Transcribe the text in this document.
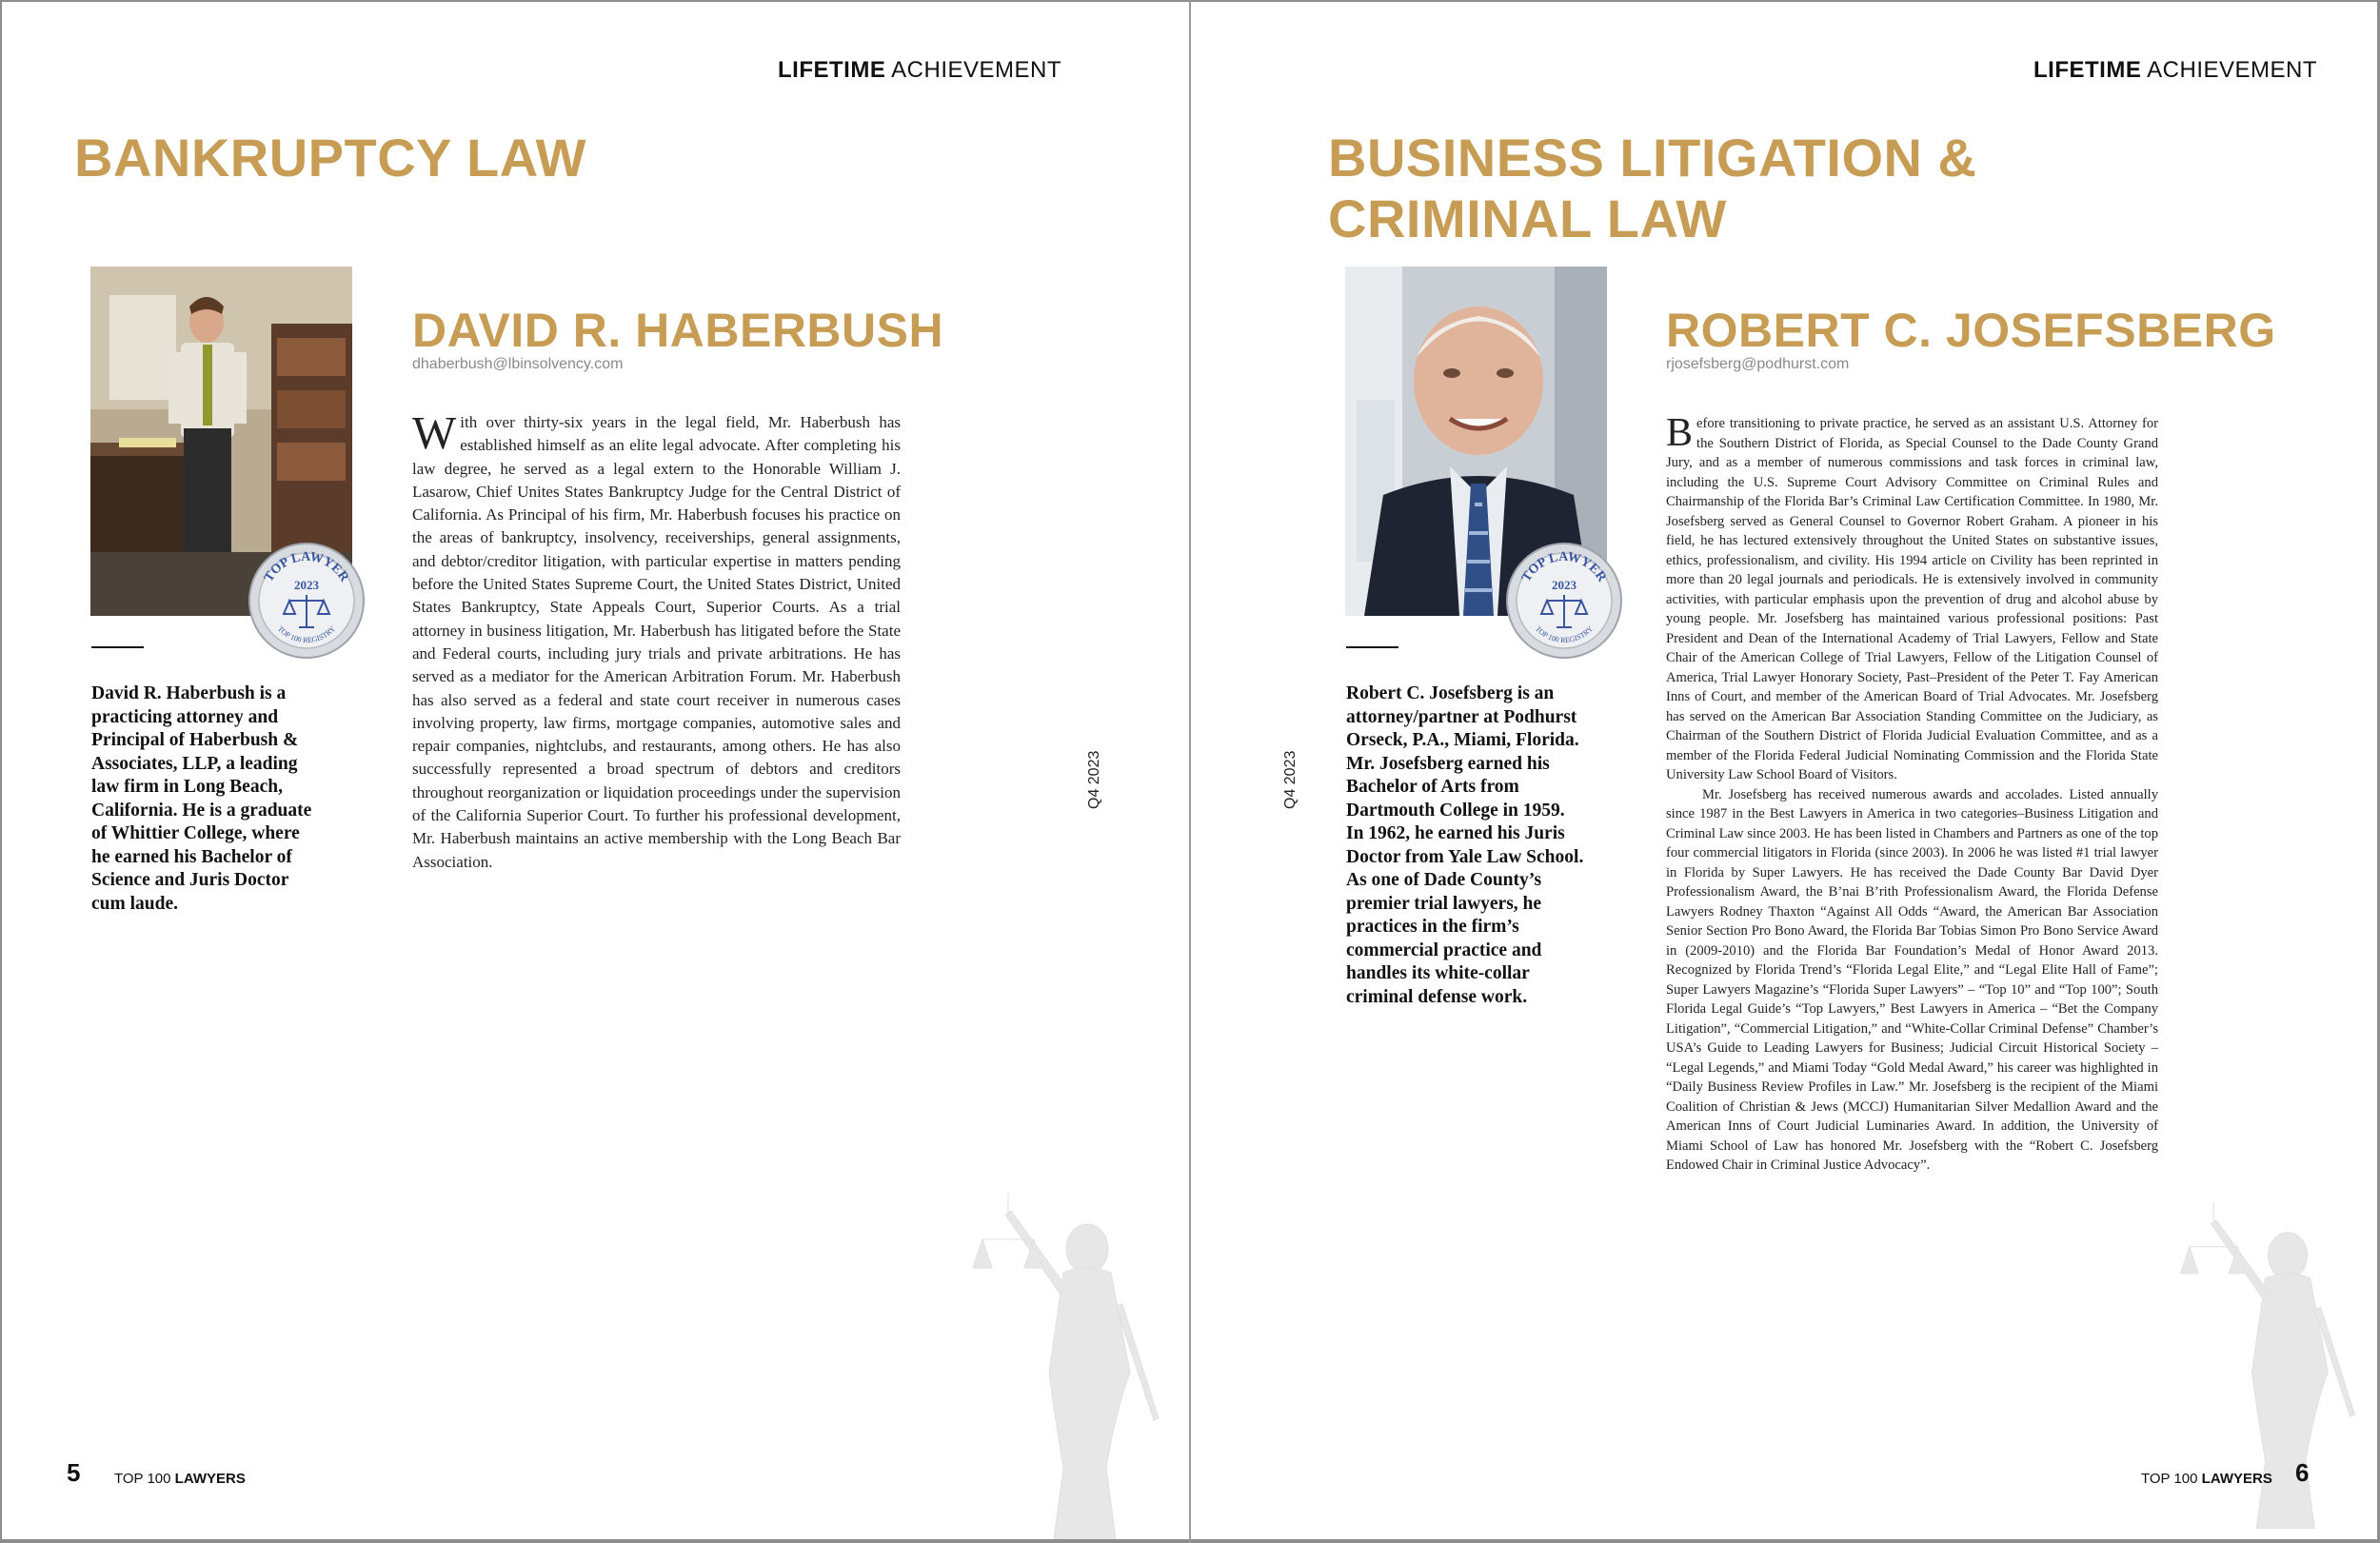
LIFETIME ACHIEVEMENT
BANKRUPTCY LAW
TOP LAWYER
2023
TOP 100 REGISTRY

David R. Haberbush is a practicing attorney and Principal of Haberbush & Associates, LLP, a leading law firm in Long Beach, California. He is a graduate of Whittier College, where he earned his Bachelor of Science and Juris Doctor cum laude.

DAVID R. HABERBUSH
dhaberbush@lbinsolvency.com
With over thirty-six years in the legal field, Mr. Haberbush has established himself as an elite legal advocate. After completing his law degree, he served as a legal extern to the Honorable William J. Lasarow, Chief Unites States Bankruptcy Judge for the Central District of California. As Principal of his firm, Mr. Haberbush focuses his practice on the areas of bankruptcy, insolvency, receiverships, general assignments, and debtor/creditor litigation, with particular expertise in matters pending before the United States Supreme Court, the United States District, United States Bankruptcy, State Appeals Court, Superior Courts. As a trial attorney in business litigation, Mr. Haberbush has litigated before the State and Federal courts, including jury trials and private arbitrations. He has served as a mediator for the American Arbitration Forum. Mr. Haberbush has also served as a federal and state court receiver in numerous cases involving property, law firms, mortgage companies, automotive sales and repair companies, nightclubs, and restaurants, among others. He has also successfully represented a broad spectrum of debtors and creditors throughout reorganization or liquidation proceedings under the supervision of the California Superior Court. To further his professional development, Mr. Haberbush maintains an active membership with the Long Beach Bar Association.
Q4 2023
5 TOP 100 LAWYERS
LIFETIME ACHIEVEMENT
BUSINESS LITIGATION &
CRIMINAL LAW
TOP LAWYER
2023
TOP 100 REGISTRY

Robert C. Josefsberg is an attorney/partner at Podhurst Orseck, P.A., Miami, Florida. Mr. Josefsberg earned his Bachelor of Arts from Dartmouth College in 1959. In 1962, he earned his Juris Doctor from Yale Law School. As one of Dade County’s premier trial lawyers, he practices in the firm’s commercial practice and handles its white-collar criminal defense work.

Q4 2023
ROBERT C. JOSEFSBERG
rjosefsberg@podhurst.com

Before transitioning to private practice, he served as an assistant U.S. Attorney for the Southern District of Florida, as Special Counsel to the Dade County Grand Jury, and as a member of numerous commissions and task forces in criminal law, including the U.S. Supreme Court Advisory Committee on Criminal Rules and Chairmanship of the Florida Bar’s Criminal Law Certification Committee. In 1980, Mr. Josefsberg served as General Counsel to Governor Robert Graham. A pioneer in his field, he has lectured extensively throughout the United States on substantive issues, ethics, professionalism, and civility. His 1994 article on Civility has been reprinted in more than 20 legal journals and periodicals. He is extensively involved in community activities, with particular emphasis upon the prevention of drug and alcohol abuse by young people. Mr. Josefsberg has maintained various professional positions: Past President and Dean of the International Academy of Trial Lawyers, Fellow and State Chair of the American College of Trial Lawyers, Fellow of the Litigation Counsel of America, Trial Lawyer Honorary Society, Past–President of the Peter T. Fay American Inns of Court, and member of the American Board of Trial Advocates. Mr. Josefsberg has served on the American Bar Association Standing Committee on the Judiciary, as Chairman of the Southern District of Florida Judicial Evaluation Committee, and as a member of the Florida Federal Judicial Nominating Commission and the Florida State University Law School Board of Visitors.

Mr. Josefsberg has received numerous awards and accolades. Listed annually since 1987 in the Best Lawyers in America in two categories–Business Litigation and Criminal Law since 2003. He has been listed in Chambers and Partners as one of the top four commercial litigators in Florida (since 2003). In 2006 he was listed #1 trial lawyer in Florida by Super Lawyers. He has received the Dade County Bar David Dyer Professionalism Award, the B’nai B’rith Professionalism Award, the Florida Defense Lawyers Rodney Thaxton “Against All Odds “Award, the American Bar Association Senior Section Pro Bono Award, the Florida Bar Tobias Simon Pro Bono Service Award in (2009-2010) and the Florida Bar Foundation’s Medal of Honor Award 2013. Recognized by Florida Trend’s “Florida Legal Elite,” and “Legal Elite Hall of Fame”; Super Lawyers Magazine’s “Florida Super Lawyers” – “Top 10” and “Top 100”; South Florida Legal Guide’s “Top Lawyers,” Best Lawyers in America – “Bet the Company Litigation”, “Commercial Litigation,” and “White-Collar Criminal Defense” Chamber’s USA’s Guide to Leading Lawyers for Business; Judicial Circuit Historical Society – “Legal Legends,” and Miami Today “Gold Medal Award,” his career was highlighted in “Daily Business Review Profiles in Law.” Mr. Josefsberg is the recipient of the Miami Coalition of Christian & Jews (MCCJ) Humanitarian Silver Medallion Award and the American Inns of Court Judicial Luminaries Award. In addition, the University of Miami School of Law has honored Mr. Josefsberg with the “Robert C. Josefsberg Endowed Chair in Criminal Justice Advocacy”.

TOP 100 LAWYERS 6
